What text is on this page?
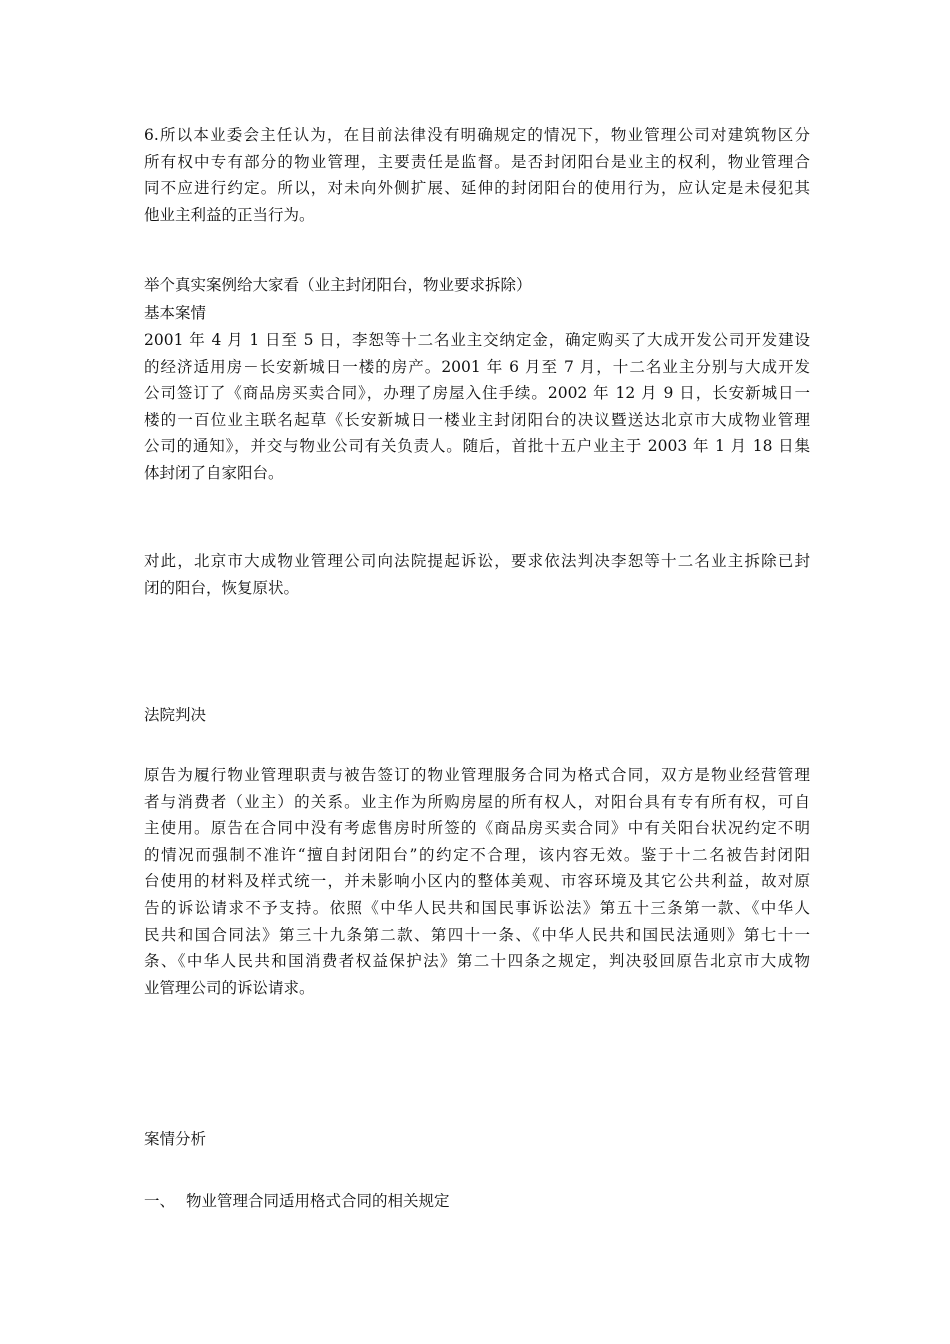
6.所以本业委会主任认为，在目前法律没有明确规定的情况下，物业管理公司对建筑物区分
所有权中专有部分的物业管理，主要责任是监督。是否封闭阳台是业主的权利，物业管理合
同不应进行约定。所以，对未向外侧扩展、延伸的封闭阳台的使用行为，应认定是未侵犯其
他业主利益的正当行为。
举个真实案例给大家看（业主封闭阳台，物业要求拆除）
基本案情
2001 年 4 月 1 日至 5 日，李恕等十二名业主交纳定金，确定购买了大成开发公司开发建设
的经济适用房－长安新城日一楼的房产。2001 年 6 月至 7 月，十二名业主分别与大成开发
公司签订了《商品房买卖合同》，办理了房屋入住手续。2002 年 12 月 9 日，长安新城日一
楼的一百位业主联名起草《长安新城日一楼业主封闭阳台的决议暨送达北京市大成物业管理
公司的通知》，并交与物业公司有关负责人。随后，首批十五户业主于 2003 年 1 月 18 日集
体封闭了自家阳台。
对此，北京市大成物业管理公司向法院提起诉讼，要求依法判决李恕等十二名业主拆除已封
闭的阳台，恢复原状。
法院判决
原告为履行物业管理职责与被告签订的物业管理服务合同为格式合同，双方是物业经营管理
者与消费者（业主）的关系。业主作为所购房屋的所有权人，对阳台具有专有所有权，可自
主使用。原告在合同中没有考虑售房时所签的《商品房买卖合同》中有关阳台状况约定不明
的情况而强制不准许“擅自封闭阳台”的约定不合理，该内容无效。鉴于十二名被告封闭阳
台使用的材料及样式统一，并未影响小区内的整体美观、市容环境及其它公共利益，故对原
告的诉讼请求不予支持。依照《中华人民共和国民事诉讼法》第五十三条第一款、《中华人
民共和国合同法》第三十九条第二款、第四十一条、《中华人民共和国民法通则》第七十一
条、《中华人民共和国消费者权益保护法》第二十四条之规定，判决驳回原告北京市大成物
业管理公司的诉讼请求。
案情分析
一、 物业管理合同适用格式合同的相关规定
